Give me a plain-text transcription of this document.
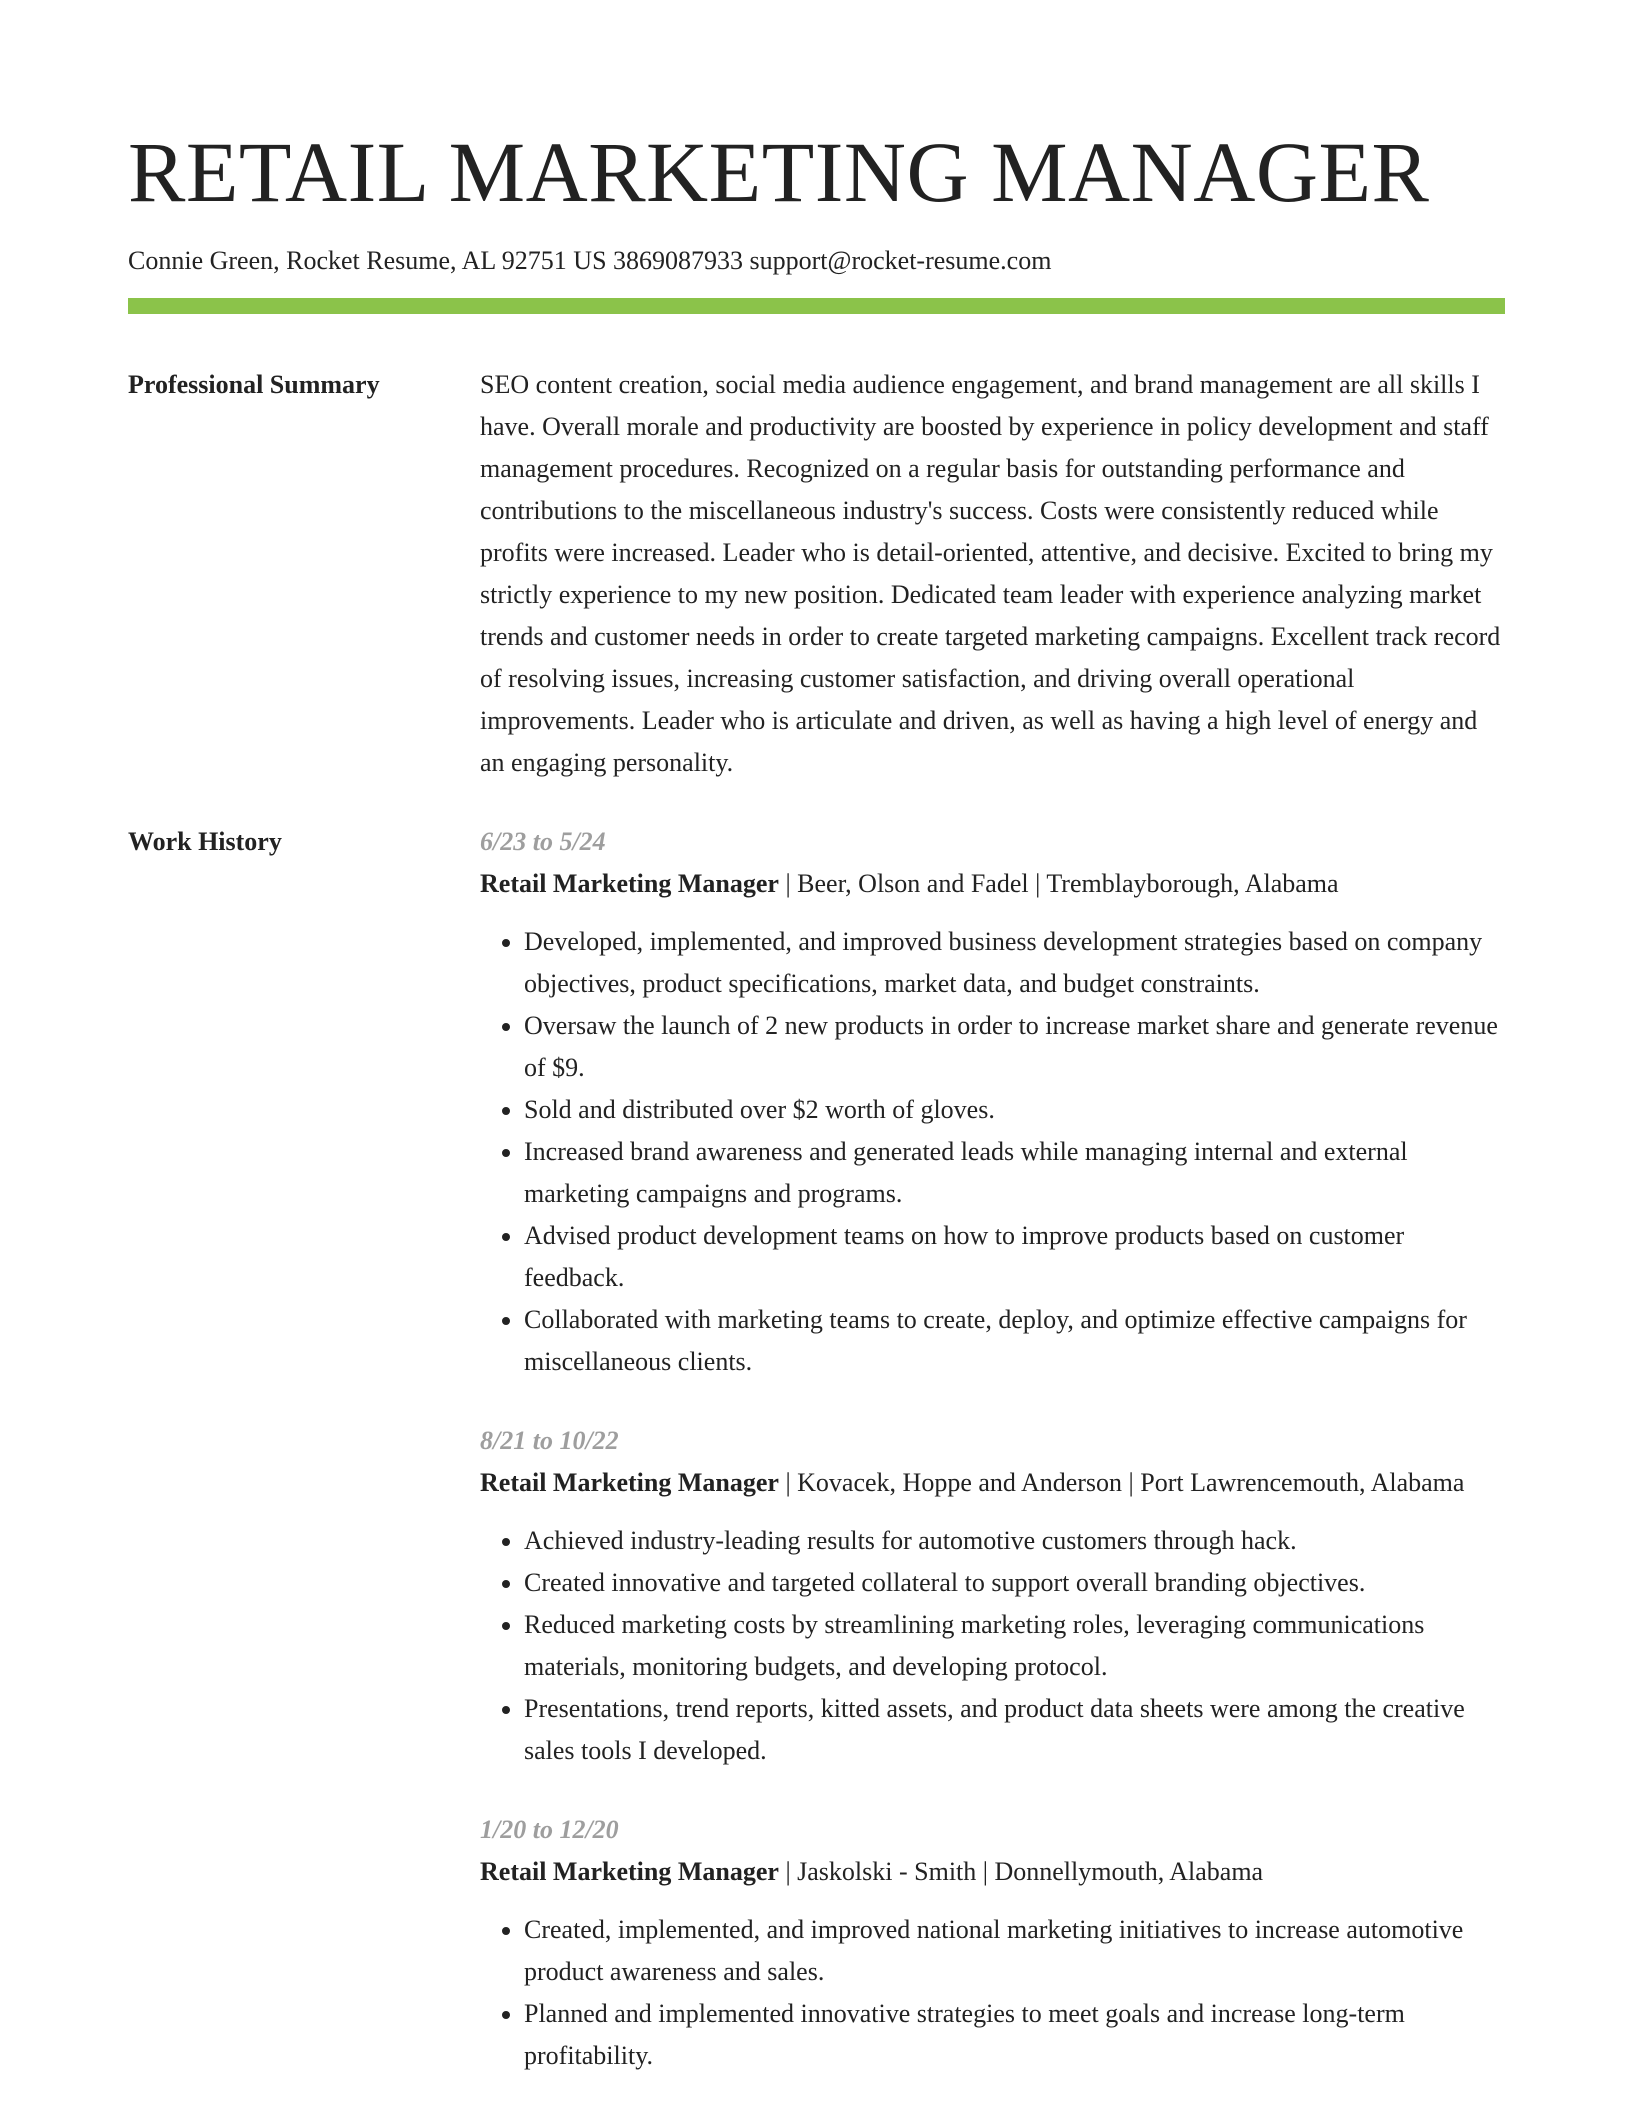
RETAIL MARKETING MANAGER
Connie Green, Rocket Resume, AL 92751 US 3869087933 support@rocket-resume.com
Professional Summary	SEO content creation, social media audience engagement, and brand management are all skills I have. Overall morale and productivity are boosted by experience in policy development and staff management procedures. Recognized on a regular basis for outstanding performance and contributions to the miscellaneous industry's success. Costs were consistently reduced while profits were increased. Leader who is detail-oriented, attentive, and decisive. Excited to bring my strictly experience to my new position. Dedicated team leader with experience analyzing market trends and customer needs in order to create targeted marketing campaigns. Excellent track record of resolving issues, increasing customer satisfaction, and driving overall operational improvements. Leader who is articulate and driven, as well as having a high level of energy and an engaging personality.

Work History	6/23 to 5/24
Retail Marketing Manager | Beer, Olson and Fadel | Tremblayborough, Alabama
• Developed, implemented, and improved business development strategies based on company objectives, product specifications, market data, and budget constraints.
• Oversaw the launch of 2 new products in order to increase market share and generate revenue of $9.
• Sold and distributed over $2 worth of gloves.
• Increased brand awareness and generated leads while managing internal and external marketing campaigns and programs.
• Advised product development teams on how to improve products based on customer feedback.
• Collaborated with marketing teams to create, deploy, and optimize effective campaigns for miscellaneous clients.
8/21 to 10/22
Retail Marketing Manager | Kovacek, Hoppe and Anderson | Port Lawrencemouth, Alabama
• Achieved industry-leading results for automotive customers through hack.
• Created innovative and targeted collateral to support overall branding objectives.
• Reduced marketing costs by streamlining marketing roles, leveraging communications materials, monitoring budgets, and developing protocol.
• Presentations, trend reports, kitted assets, and product data sheets were among the creative sales tools I developed.
1/20 to 12/20
Retail Marketing Manager | Jaskolski - Smith | Donnellymouth, Alabama
• Created, implemented, and improved national marketing initiatives to increase automotive product awareness and sales.
• Planned and implemented innovative strategies to meet goals and increase long-term profitability.
